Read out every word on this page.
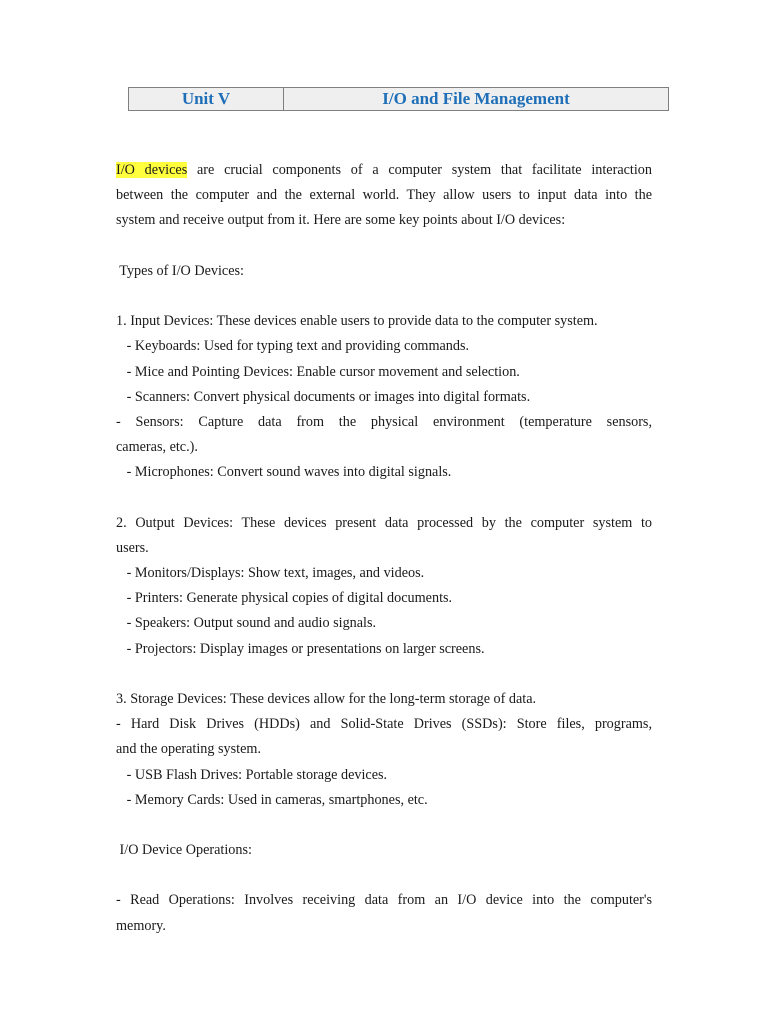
Unit V	I/O and File Management
I/O devices are crucial components of a computer system that facilitate interaction
between the computer and the external world. They allow users to input data into the
system and receive output from it. Here are some key points about I/O devices:
Types of I/O Devices:
1. Input Devices: These devices enable users to provide data to the computer system.
- Keyboards: Used for typing text and providing commands.
- Mice and Pointing Devices: Enable cursor movement and selection.
- Scanners: Convert physical documents or images into digital formats.
- Sensors: Capture data from the physical environment (temperature sensors,
cameras, etc.).
- Microphones: Convert sound waves into digital signals.
2. Output Devices: These devices present data processed by the computer system to
users.
- Monitors/Displays: Show text, images, and videos.
- Printers: Generate physical copies of digital documents.
- Speakers: Output sound and audio signals.
- Projectors: Display images or presentations on larger screens.
3. Storage Devices: These devices allow for the long-term storage of data.
- Hard Disk Drives (HDDs) and Solid-State Drives (SSDs): Store files, programs,
and the operating system.
- USB Flash Drives: Portable storage devices.
- Memory Cards: Used in cameras, smartphones, etc.
I/O Device Operations:
- Read Operations: Involves receiving data from an I/O device into the computer's
memory.
